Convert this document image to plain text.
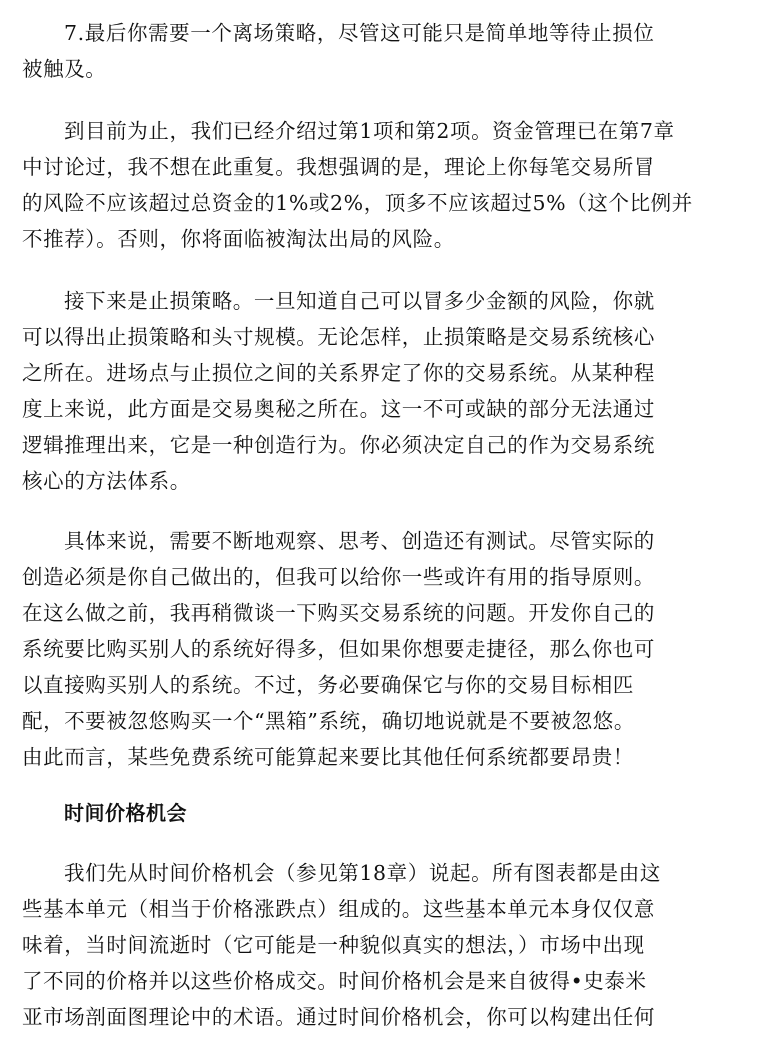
7.最后你需要一个离场策略，尽管这可能只是简单地等待止损位
被触及。
到目前为止，我们已经介绍过第1项和第2项。资金管理已在第7章
中讨论过，我不想在此重复。我想强调的是，理论上你每笔交易所冒
的风险不应该超过总资金的1%或2%，顶多不应该超过5%（这个比例并
不推荐）。否则，你将面临被淘汰出局的风险。
接下来是止损策略。一旦知道自己可以冒多少金额的风险，你就
可以得出止损策略和头寸规模。无论怎样，止损策略是交易系统核心
之所在。进场点与止损位之间的关系界定了你的交易系统。从某种程
度上来说，此方面是交易奥秘之所在。这一不可或缺的部分无法通过
逻辑推理出来，它是一种创造行为。你必须决定自己的作为交易系统
核心的方法体系。
具体来说，需要不断地观察、思考、创造还有测试。尽管实际的
创造必须是你自己做出的，但我可以给你一些或许有用的指导原则。
在这么做之前，我再稍微谈一下购买交易系统的问题。开发你自己的
系统要比购买别人的系统好得多，但如果你想要走捷径，那么你也可
以直接购买别人的系统。不过，务必要确保它与你的交易目标相匹
配，不要被忽悠购买一个“黑箱”系统，确切地说就是不要被忽悠。
由此而言，某些免费系统可能算起来要比其他任何系统都要昂贵！
时间价格机会
我们先从时间价格机会（参见第18章）说起。所有图表都是由这
些基本单元（相当于价格涨跌点）组成的。这些基本单元本身仅仅意
味着，当时间流逝时（它可能是一种貌似真实的想法，）市场中出现
了不同的价格并以这些价格成交。时间价格机会是来自彼得•史泰米
亚市场剖面图理论中的术语。通过时间价格机会，你可以构建出任何
